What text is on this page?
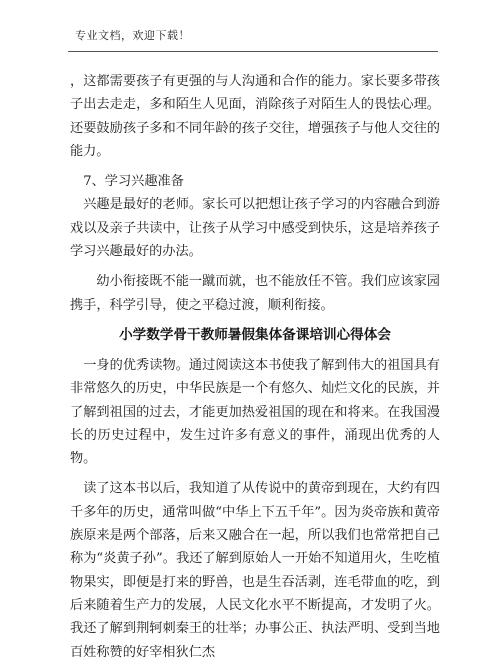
专业文档，欢迎下载！

，这都需要孩子有更强的与人沟通和合作的能力。家长要多带孩子出去走走，多和陌生人见面，消除孩子对陌生人的畏怯心理。还要鼓励孩子多和不同年龄的孩子交往，增强孩子与他人交往的能力。

7、学习兴趣准备

兴趣是最好的老师。家长可以把想让孩子学习的内容融合到游戏以及亲子共读中，让孩子从学习中感受到快乐，这是培养孩子学习兴趣最好的办法。

幼小衔接既不能一蹴而就，也不能放任不管。我们应该家园携手，科学引导，使之平稳过渡，顺利衔接。

小学数学骨干教师暑假集体备课培训心得体会

一身的优秀读物。通过阅读这本书使我了解到伟大的祖国具有非常悠久的历史，中华民族是一个有悠久、灿烂文化的民族，并了解到祖国的过去，才能更加热爱祖国的现在和将来。在我国漫长的历史过程中，发生过许多有意义的事件，涌现出优秀的人物。

读了这本书以后，我知道了从传说中的黄帝到现在，大约有四千多年的历史，通常叫做“中华上下五千年”。因为炎帝族和黄帝族原来是两个部落，后来又融合在一起，所以我们也常常把自己称为“炎黄子孙”。我还了解到原始人一开始不知道用火，生吃植物果实，即便是打来的野兽，也是生吞活剥，连毛带血的吃，到后来随着生产力的发展，人民文化水平不断提高，才发明了火。我还了解到荆轲刺秦王的壮举；办事公正、执法严明、受到当地百姓称赞的好宰相狄仁杰
